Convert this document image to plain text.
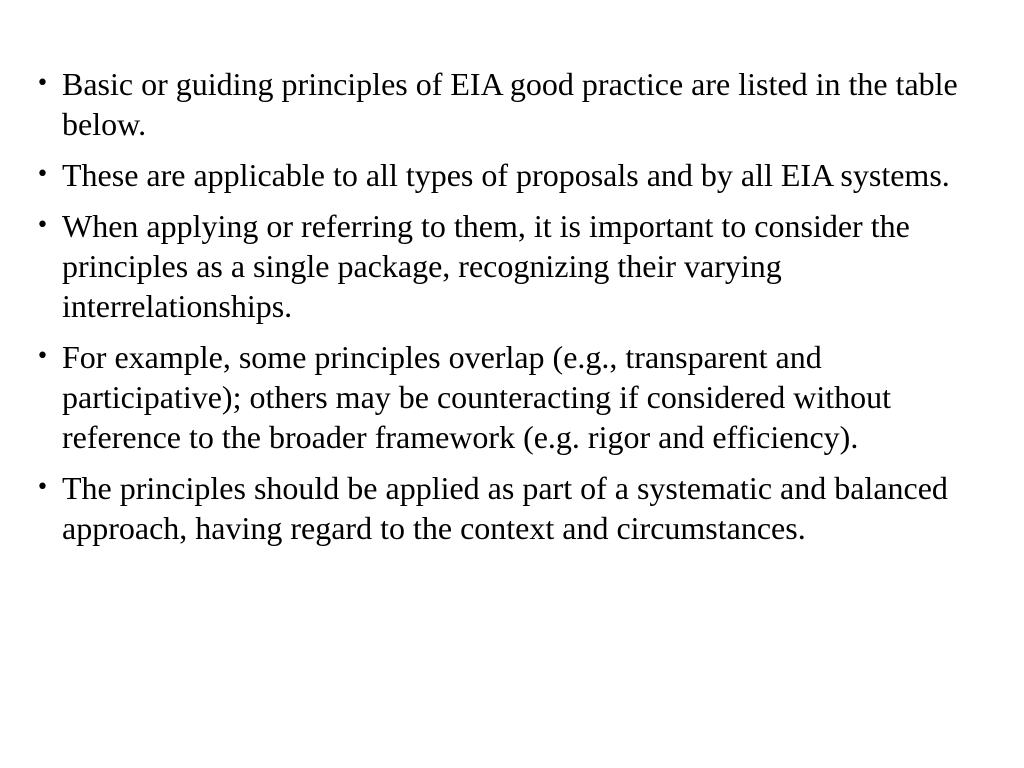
• Basic or guiding principles of EIA good practice are listed in the table below.
• These are applicable to all types of proposals and by all EIA systems.
• When applying or referring to them, it is important to consider the principles as a single package, recognizing their varying interrelationships.
• For example, some principles overlap (e.g., transparent and participative); others may be counteracting if considered without reference to the broader framework (e.g. rigor and efficiency).
• The principles should be applied as part of a systematic and balanced approach, having regard to the context and circumstances.
